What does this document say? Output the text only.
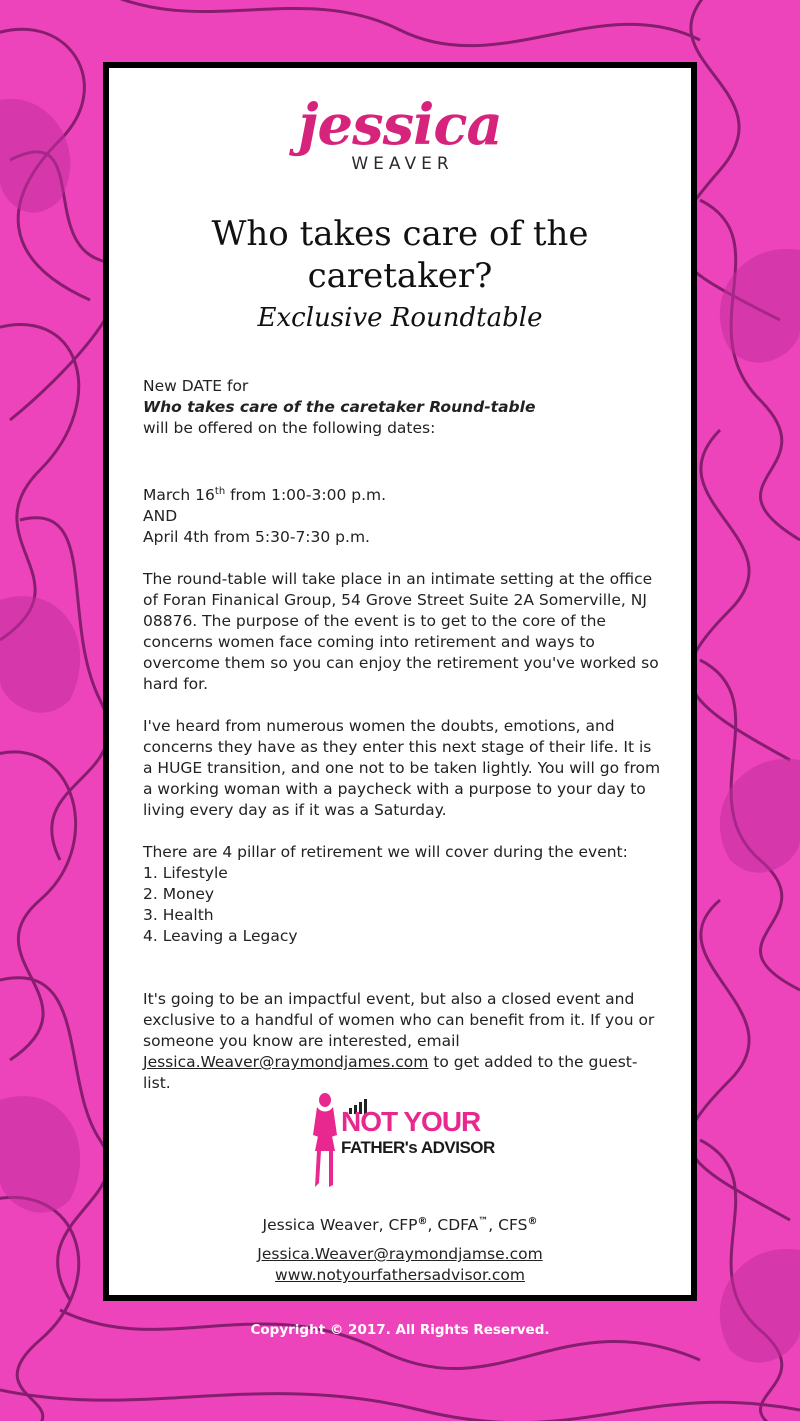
jessica
WEAVER
Who takes care of the
caretaker?
Exclusive Roundtable

New DATE for

Who takes care of the caretaker Round-table

will be offered on the following dates:

March 16th from 1:00-3:00 p.m.

AND

April 4th from 5:30-7:30 p.m.

The round-table will take place in an intimate setting at the office of Foran Finanical Group, 54 Grove Street Suite 2A Somerville, NJ 08876. The purpose of the event is to get to the core of the concerns women face coming into retirement and ways to overcome them so you can enjoy the retirement you've worked so hard for.

I've heard from numerous women the doubts, emotions, and concerns they have as they enter this next stage of their life. It is a HUGE transition, and one not to be taken lightly. You will go from a working woman with a paycheck with a purpose to your day to living every day as if it was a Saturday.

There are 4 pillar of retirement we will cover during the event:

1. Lifestyle

2. Money

3. Health

4. Leaving a Legacy

It's going to be an impactful event, but also a closed event and exclusive to a handful of women who can benefit from it. If you or someone you know are interested, email Jessica.Weaver@raymondjames.com to get added to the guest-list.

NOT YOUR
FATHER's ADVISOR
Jessica Weaver, CFP®, CDFA™, CFS®
Jessica.Weaver@raymondjamse.com
www.notyourfathersadvisor.com
Copyright © 2017. All Rights Reserved.
